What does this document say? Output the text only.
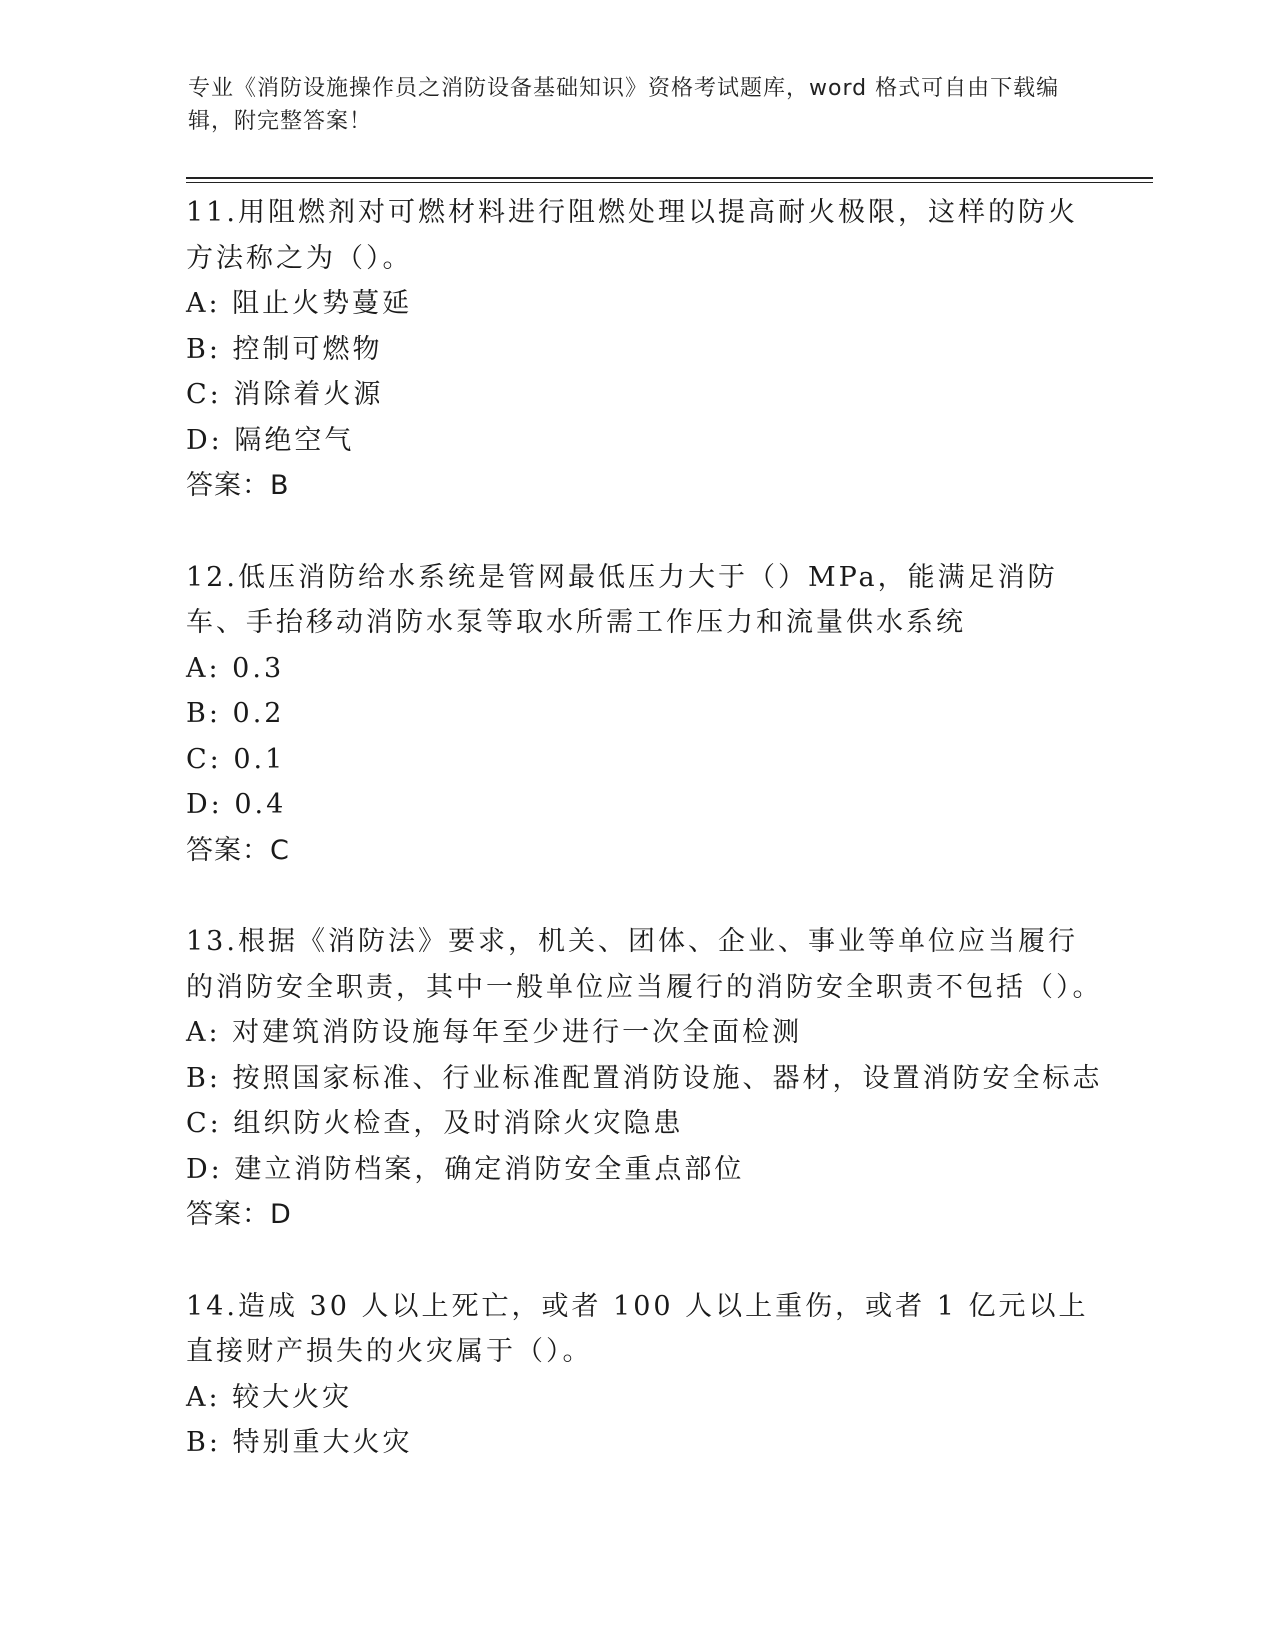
专业《消防设施操作员之消防设备基础知识》资格考试题库，word 格式可自由下载编辑，附完整答案！
11.用阻燃剂对可燃材料进行阻燃处理以提高耐火极限，这样的防火方法称之为（）。
A: 阻止火势蔓延
B: 控制可燃物
C: 消除着火源
D: 隔绝空气
答案：B
12.低压消防给水系统是管网最低压力大于（）MPa，能满足消防车、手抬移动消防水泵等取水所需工作压力和流量供水系统
A: 0.3
B: 0.2
C: 0.1
D: 0.4
答案：C
13.根据《消防法》要求，机关、团体、企业、事业等单位应当履行的消防安全职责，其中一般单位应当履行的消防安全职责不包括（）。
A: 对建筑消防设施每年至少进行一次全面检测
B: 按照国家标准、行业标准配置消防设施、器材，设置消防安全标志
C: 组织防火检查，及时消除火灾隐患
D: 建立消防档案，确定消防安全重点部位
答案：D
14.造成 30 人以上死亡，或者 100 人以上重伤，或者 1 亿元以上直接财产损失的火灾属于（）。
A: 较大火灾
B: 特别重大火灾
